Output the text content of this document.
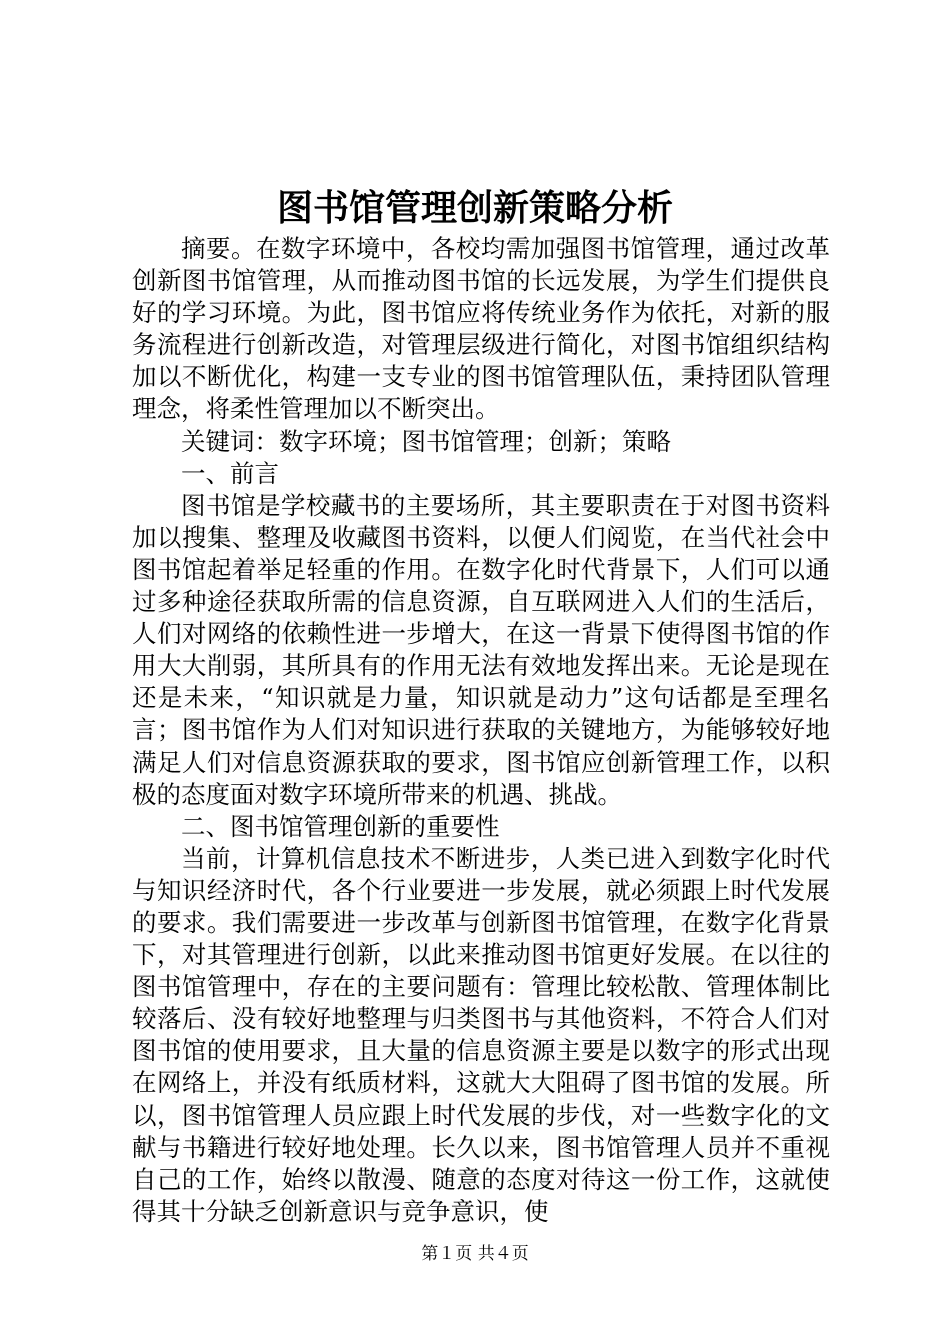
图书馆管理创新策略分析

摘要。在数字环境中，各校均需加强图书馆管理，通过改革创新图书馆管理，从而推动图书馆的长远发展，为学生们提供良好的学习环境。为此，图书馆应将传统业务作为依托，对新的服务流程进行创新改造，对管理层级进行简化，对图书馆组织结构加以不断优化，构建一支专业的图书馆管理队伍，秉持团队管理理念，将柔性管理加以不断突出。

关键词：数字环境；图书馆管理；创新；策略

一、前言

图书馆是学校藏书的主要场所，其主要职责在于对图书资料加以搜集、整理及收藏图书资料，以便人们阅览，在当代社会中图书馆起着举足轻重的作用。在数字化时代背景下，人们可以通过多种途径获取所需的信息资源，自互联网进入人们的生活后，人们对网络的依赖性进一步增大，在这一背景下使得图书馆的作用大大削弱，其所具有的作用无法有效地发挥出来。无论是现在还是未来，“知识就是力量，知识就是动力”这句话都是至理名言；图书馆作为人们对知识进行获取的关键地方，为能够较好地满足人们对信息资源获取的要求，图书馆应创新管理工作，以积极的态度面对数字环境所带来的机遇、挑战。

二、图书馆管理创新的重要性

当前，计算机信息技术不断进步，人类已进入到数字化时代与知识经济时代，各个行业要进一步发展，就必须跟上时代发展的要求。我们需要进一步改革与创新图书馆管理，在数字化背景下，对其管理进行创新，以此来推动图书馆更好发展。在以往的图书馆管理中，存在的主要问题有：管理比较松散、管理体制比较落后、没有较好地整理与归类图书与其他资料，不符合人们对图书馆的使用要求，且大量的信息资源主要是以数字的形式出现在网络上，并没有纸质材料，这就大大阻碍了图书馆的发展。所以，图书馆管理人员应跟上时代发展的步伐，对一些数字化的文献与书籍进行较好地处理。长久以来，图书馆管理人员并不重视自己的工作，始终以散漫、随意的态度对待这一份工作，这就使得其十分缺乏创新意识与竞争意识，使

第１页 共４页
